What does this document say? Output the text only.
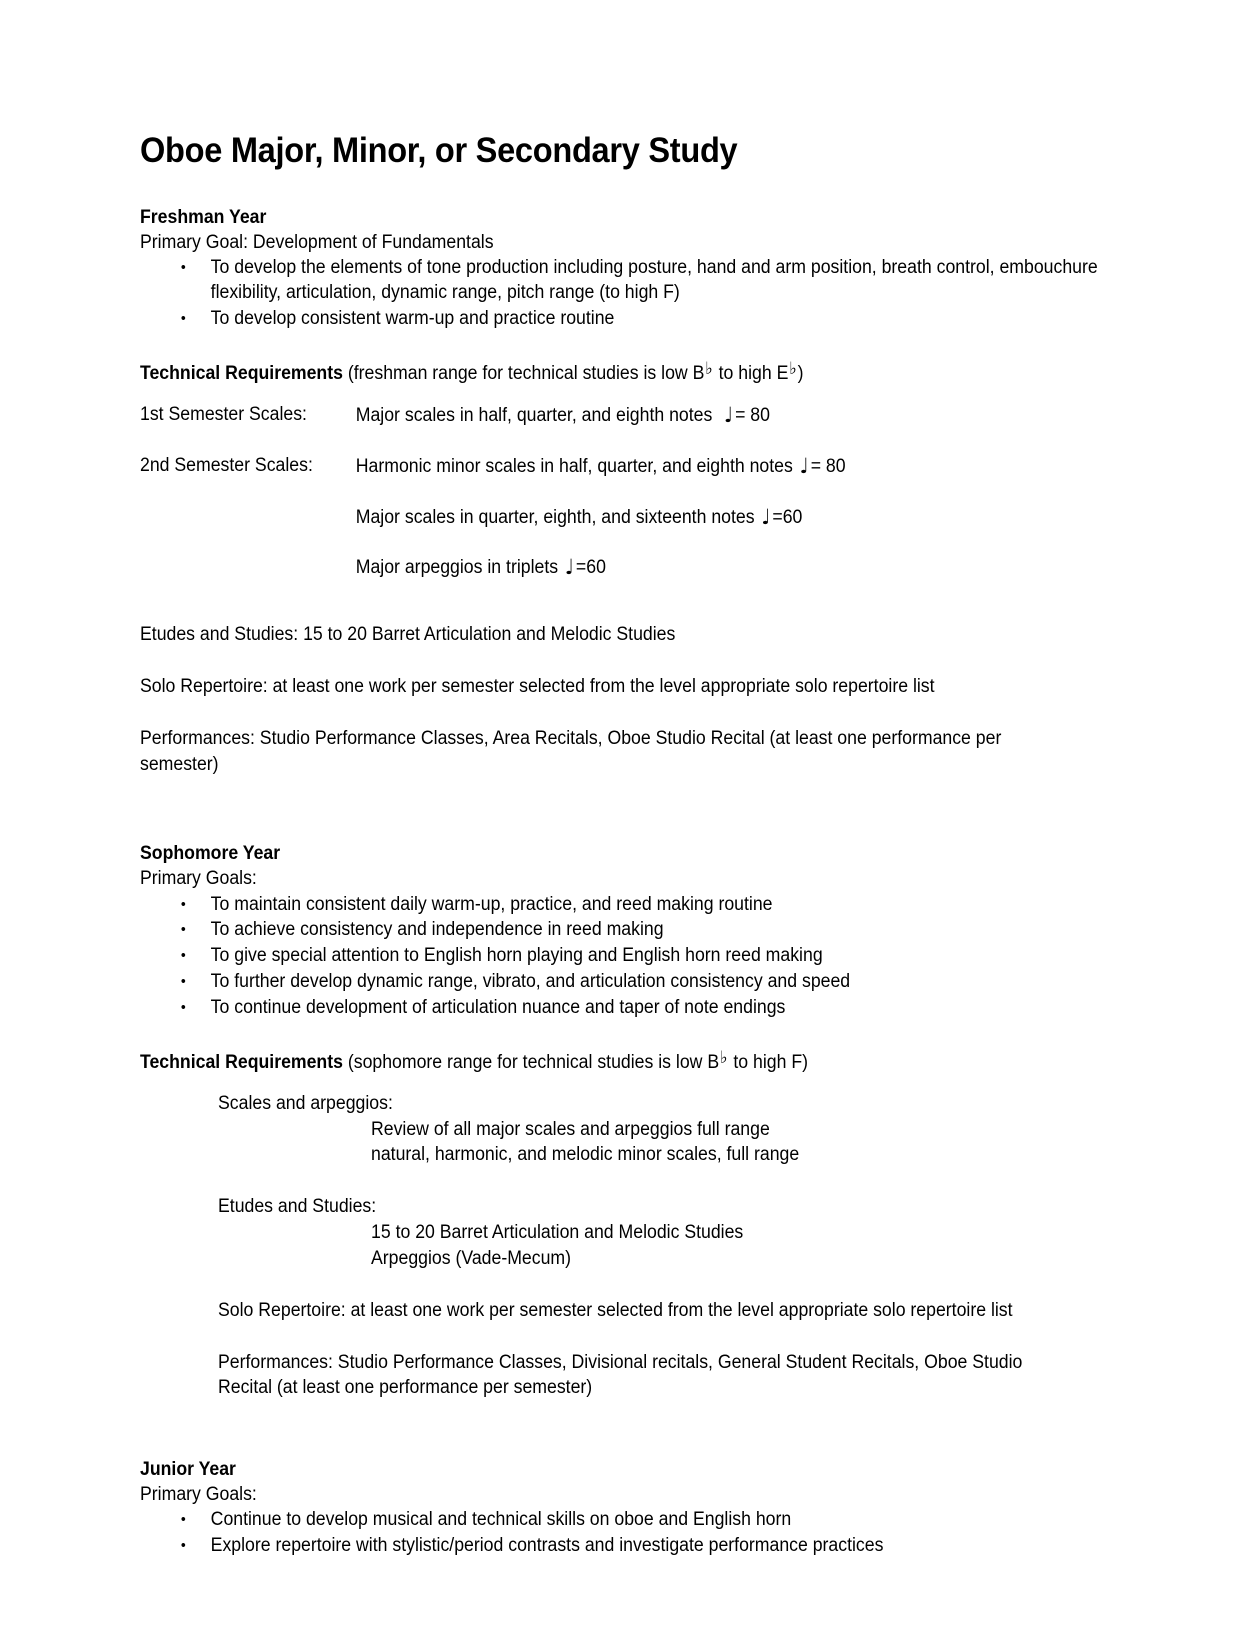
Oboe Major, Minor, or Secondary Study
Freshman Year
Primary Goal: Development of Fundamentals
• To develop the elements of tone production including posture, hand and arm position, breath control, embouchure flexibility, articulation, dynamic range, pitch range (to high F)
• To develop consistent warm-up and practice routine
Technical Requirements (freshman range for technical studies is low B♭ to high E♭)
1st Semester Scales:	Major scales in half, quarter, and eighth notes ♩= 80
2nd Semester Scales:	Harmonic minor scales in half, quarter, and eighth notes ♩= 80
Major scales in quarter, eighth, and sixteenth notes ♩=60
Major arpeggios in triplets ♩=60
Etudes and Studies: 15 to 20 Barret Articulation and Melodic Studies
Solo Repertoire: at least one work per semester selected from the level appropriate solo repertoire list
Performances: Studio Performance Classes, Area Recitals, Oboe Studio Recital (at least one performance per semester)
Sophomore Year
Primary Goals:
• To maintain consistent daily warm-up, practice, and reed making routine
• To achieve consistency and independence in reed making
• To give special attention to English horn playing and English horn reed making
• To further develop dynamic range, vibrato, and articulation consistency and speed
• To continue development of articulation nuance and taper of note endings
Technical Requirements (sophomore range for technical studies is low B♭ to high F)
Scales and arpeggios:
Review of all major scales and arpeggios full range
natural, harmonic, and melodic minor scales, full range
Etudes and Studies:
15 to 20 Barret Articulation and Melodic Studies
Arpeggios (Vade-Mecum)
Solo Repertoire: at least one work per semester selected from the level appropriate solo repertoire list
Performances: Studio Performance Classes, Divisional recitals, General Student Recitals, Oboe Studio Recital (at least one performance per semester)
Junior Year
Primary Goals:
• Continue to develop musical and technical skills on oboe and English horn
• Explore repertoire with stylistic/period contrasts and investigate performance practices
